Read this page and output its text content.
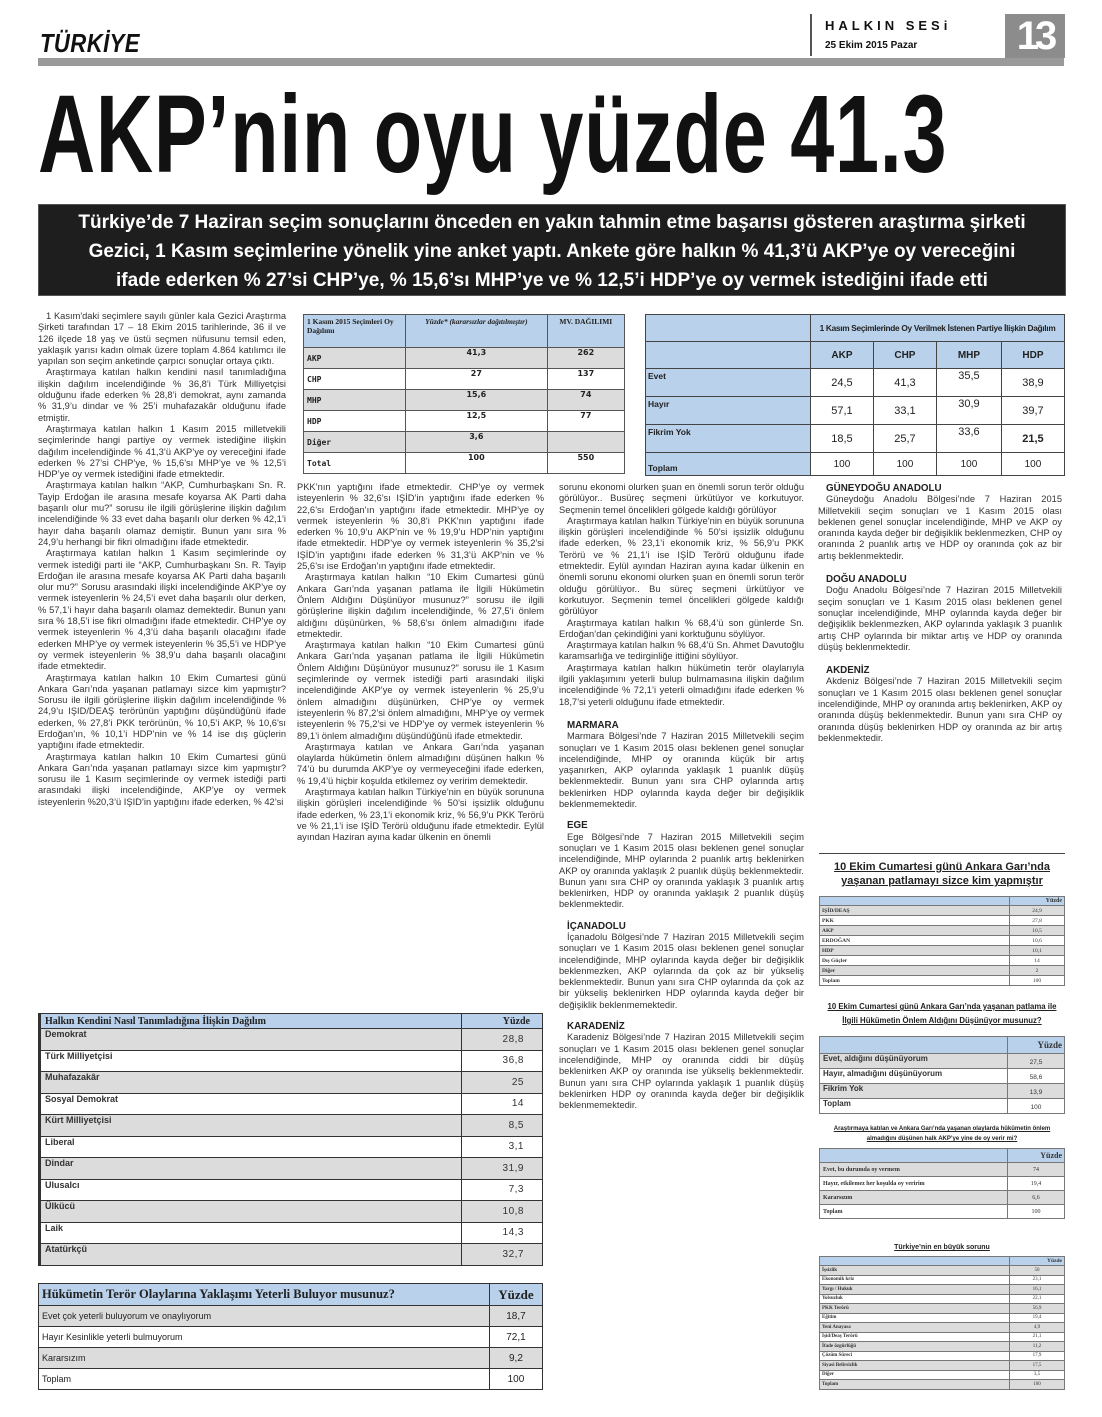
TÜRKİYE
HALKIN SESi
25 Ekim 2015 Pazar 13
AKP’nin oyu yüzde 41.3
Türkiye’de 7 Haziran seçim sonuçlarını önceden en yakın tahmin etme başarısı gösteren araştırma şirketi
Gezici, 1 Kasım seçimlerine yönelik yine anket yaptı. Ankete göre halkın % 41,3’ü AKP’ye oy vereceğini
ifade ederken % 27’si CHP’ye, % 15,6’sı MHP’ye ve % 12,5’i HDP’ye oy vermek istediğini ifade etti

1 Kasım'daki seçimlere sayılı günler kala Gezici Araştırma Şirketi tarafından 17 – 18 Ekim 2015 tarihlerinde, 36 il ve 126 ilçede 18 yaş ve üstü seçmen nüfusunu temsil eden, yaklaşık yarısı kadın olmak üzere toplam 4.864 katılımcı ile yapılan son seçim anketinde çarpıcı sonuçlar ortaya çıktı.

Araştırmaya katılan halkın kendini nasıl tanımladığına ilişkin dağılım incelendiğinde % 36,8’i Türk Milliyetçisi olduğunu ifade ederken % 28,8’i demokrat, aynı zamanda % 31,9’u dindar ve % 25’i muhafazakâr olduğunu ifade etmiştir.

Araştırmaya katılan halkın 1 Kasım 2015 milletvekili seçimlerinde hangi partiye oy vermek istediğine ilişkin dağılım incelendiğinde % 41,3’ü AKP’ye oy vereceğini ifade ederken % 27’si CHP’ye, % 15,6’sı MHP’ye ve % 12,5’i HDP’ye oy vermek istediğini ifade etmektedir.

Araştırmaya katılan halkın “AKP, Cumhurbaşkanı Sn. R. Tayip Erdoğan ile arasına mesafe koyarsa AK Parti daha başarılı olur mu?” sorusu ile ilgili görüşlerine ilişkin dağılım incelendiğinde % 33 evet daha başarılı olur derken % 42,1’i hayır daha başarılı olamaz demiştir. Bunun yanı sıra % 24,9’u herhangi bir fikri olmadığını ifade etmektedir.

Araştırmaya katılan halkın 1 Kasım seçimlerinde oy vermek istediği parti ile “AKP, Cumhurbaşkanı Sn. R. Tayip Erdoğan ile arasına mesafe koyarsa AK Parti daha başarılı olur mu?” Sorusu arasındaki ilişki incelendiğinde AKP’ye oy vermek isteyenlerin % 24,5’i evet daha başarılı olur derken, % 57,1’i hayır daha başarılı olamaz demektedir. Bunun yanı sıra % 18,5’i ise fikri olmadığını ifade etmektedir. CHP’ye oy vermek isteyenlerin % 4,3’ü daha başarılı olacağını ifade ederken MHP’ye oy vermek isteyenlerin % 35,5’i ve HDP’ye oy vermek isteyenlerin % 38,9’u daha başarılı olacağını ifade etmektedir.

Araştırmaya katılan halkın 10 Ekim Cumartesi günü Ankara Garı’nda yaşanan patlamayı sizce kim yapmıştır? Sorusu ile ilgili görüşlerine ilişkin dağılım incelendiğinde % 24,9’u IŞID/DEAŞ terörünün yaptığını düşündüğünü ifade ederken, % 27,8’i PKK terörünün, % 10,5’i AKP, % 10,6’sı Erdoğan’ın, % 10,1’i HDP’nin ve % 14 ise dış güçlerin yaptığını ifade etmektedir.

Araştırmaya katılan halkın 10 Ekim Cumartesi günü Ankara Garı’nda yaşanan patlamayı sizce kim yapmıştır? sorusu ile 1 Kasım seçimlerinde oy vermek istediği parti arasındaki ilişki incelendiğinde, AKP’ye oy vermek isteyenlerin %20,3’ü IŞID’in yaptığını ifade ederken, % 42’si

PKK’nın yaptığını ifade etmektedir. CHP’ye oy vermek isteyenlerin % 32,6’sı IŞİD’in yaptığını ifade ederken % 22,6’sı Erdoğan’ın yaptığını ifade etmektedir. MHP’ye oy vermek isteyenlerin % 30,8’i PKK’nın yaptığını ifade ederken % 10,9’u AKP’nin ve % 19,9’u HDP’nin yaptığını ifade etmektedir. HDP’ye oy vermek isteyenlerin % 35,2’si IŞİD’in yaptığını ifade ederken % 31,3’ü AKP’nin ve % 25,6’sı ise Erdoğan’ın yaptığını ifade etmektedir.

Araştırmaya katılan halkın “10 Ekim Cumartesi günü Ankara Garı’nda yaşanan patlama ile İlgili Hükümetin Önlem Aldığını Düşünüyor musunuz?” sorusu ile ilgili görüşlerine ilişkin dağılım incelendiğinde, % 27,5’i önlem aldığını düşünürken, % 58,6’sı önlem almadığını ifade etmektedir.

Araştırmaya katılan halkın “10 Ekim Cumartesi günü Ankara Garı’nda yaşanan patlama ile İlgili Hükümetin Önlem Aldığını Düşünüyor musunuz?” sorusu ile 1 Kasım seçimlerinde oy vermek istediği parti arasındaki ilişki incelendiğinde AKP’ye oy vermek isteyenlerin % 25,9’u önlem almadığını düşünürken, CHP’ye oy vermek isteyenlerin % 87,2’si önlem almadığını, MHP’ye oy vermek isteyenlerin % 75,2’si ve HDP’ye oy vermek isteyenlerin % 89,1’i önlem almadığını düşündüğünü ifade etmektedir.

Araştırmaya katılan ve Ankara Garı’nda yaşanan olaylarda hükümetin önlem almadığını düşünen halkın % 74’ü bu durumda AKP’ye oy vermeyeceğini ifade ederken, % 19,4’ü hiçbir koşulda etkilemez oy veririm demektedir.

Araştırmaya katılan halkın Türkiye’nin en büyük sorununa ilişkin görüşleri incelendiğinde % 50’si işsizlik olduğunu ifade ederken, % 23,1’i ekonomik kriz, % 56,9’u PKK Terörü ve % 21,1’i ise IŞİD Terörü olduğunu ifade etmektedir. Eylül ayından Haziran ayına kadar ülkenin en önemli

sorunu ekonomi olurken şuan en önemli sorun terör olduğu görülüyor.. Busüreç seçmeni ürkütüyor ve korkutuyor. Seçmenin temel öncelikleri gölgede kaldığı görülüyor

Araştırmaya katılan halkın Türkiye’nin en büyük sorununa ilişkin görüşleri incelendiğinde % 50’si işsizlik olduğunu ifade ederken, % 23,1’i ekonomik kriz, % 56,9’u PKK Terörü ve % 21,1’i ise IŞİD Terörü olduğunu ifade etmektedir. Eylül ayından Haziran ayına kadar ülkenin en önemli sorunu ekonomi olurken şuan en önemli sorun terör olduğu görülüyor.. Bu süreç seçmeni ürkütüyor ve korkutuyor. Seçmenin temel öncelikleri gölgede kaldığı görülüyor

Araştırmaya katılan halkın % 68,4’ü son günlerde Sn. Erdoğan’dan çekindiğini yani korktuğunu söylüyor.

Araştırmaya katılan halkın % 68,4’ü Sn. Ahmet Davutoğlu karamsarlığa ve tedirginliğe ittiğini söylüyor.

Araştırmaya katılan halkın hükümetin terör olaylarıyla ilgili yaklaşımını yeterli bulup bulmamasına ilişkin dağılım incelendiğinde % 72,1’i yeterli olmadığını ifade ederken % 18,7’si yeterli olduğunu ifade etmektedir.

MARMARA

Marmara Bölgesi’nde 7 Haziran 2015 Milletvekili seçim sonuçları ve 1 Kasım 2015 olası beklenen genel sonuçlar incelendiğinde, MHP oy oranında küçük bir artış yaşanırken, AKP oylarında yaklaşık 1 puanlık düşüş beklenmektedir. Bunun yanı sıra CHP oylarında artış beklenirken HDP oylarında kayda değer bir değişiklik beklenmemektedir.

EGE

Ege Bölgesi’nde 7 Haziran 2015 Milletvekili seçim sonuçları ve 1 Kasım 2015 olası beklenen genel sonuçlar incelendiğinde, MHP oylarında 2 puanlık artış beklenirken AKP oy oranında yaklaşık 2 puanlık düşüş beklenmektedir. Bunun yanı sıra CHP oy oranında yaklaşık 3 puanlık artış beklenirken, HDP oy oranında yaklaşık 2 puanlık düşüş beklenmektedir.

İÇANADOLU

İçanadolu Bölgesi’nde 7 Haziran 2015 Milletvekili seçim sonuçları ve 1 Kasım 2015 olası beklenen genel sonuçlar incelendiğinde, MHP oylarında kayda değer bir değişiklik beklenmezken, AKP oylarında da çok az bir yükseliş beklenmektedir. Bunun yanı sıra CHP oylarında da çok az bir yükseliş beklenirken HDP oylarında kayda değer bir değişiklik beklenmemektedir.

KARADENİZ

Karadeniz Bölgesi’nde 7 Haziran 2015 Milletvekili seçim sonuçları ve 1 Kasım 2015 olası beklenen genel sonuçlar incelendiğinde, MHP oy oranında ciddi bir düşüş beklenirken AKP oy oranında ise yükseliş beklenmektedir. Bunun yanı sıra CHP oylarında yaklaşık 1 puanlık düşüş beklenirken HDP oy oranında kayda değer bir değişiklik beklenmemektedir.

GÜNEYDOĞU ANADOLU

Güneydoğu Anadolu Bölgesi’nde 7 Haziran 2015 Milletvekili seçim sonuçları ve 1 Kasım 2015 olası beklenen genel sonuçlar incelendiğinde, MHP ve AKP oy oranında kayda değer bir değişiklik beklenmezken, CHP oy oranında 2 puanlık artış ve HDP oy oranında çok az bir artış beklenmektedir.

DOĞU ANADOLU

Doğu Anadolu Bölgesi’nde 7 Haziran 2015 Milletvekili seçim sonuçları ve 1 Kasım 2015 olası beklenen genel sonuçlar incelendiğinde, MHP oylarında kayda değer bir değişiklik beklenmezken, AKP oylarında yaklaşık 3 puanlık artış CHP oylarında bir miktar artış ve HDP oy oranında düşüş beklenmektedir.

AKDENİZ

Akdeniz Bölgesi’nde 7 Haziran 2015 Milletvekili seçim sonuçları ve 1 Kasım 2015 olası beklenen genel sonuçlar incelendiğinde, MHP oy oranında artış beklenirken, AKP oy oranında düşüş beklenmektedir. Bunun yanı sıra CHP oy oranında düşüş beklenirken HDP oy oranında az bir artış beklenmektedir.

1 Kasım 2015 Seçimleri Oy Dağılımı	Yüzde* (kararsızlar dağıtılmıştır)	MV. DAĞILIMI
AKP	41,3	262
CHP	27	137
MHP	15,6	74
HDP	12,5	77
Diğer	3,6	
Total	100	550
	1 Kasım Seçimlerinde Oy Verilmek İstenen Partiye İlişkin Dağılım			
	AKP	CHP	MHP	HDP
Evet	24,5	41,3	35,5	38,9
Hayır	57,1	33,1	30,9	39,7
Fikrim Yok	18,5	25,7	33,6	21,5
Toplam	100	100	100	100
Halkın Kendini Nasıl Tanımladığına İlişkin Dağılım	Yüzde
Demokrat	28,8
Türk Milliyetçisi	36,8
Muhafazakâr	25
Sosyal Demokrat	14
Kürt Milliyetçisi	8,5
Liberal	3,1
Dindar	31,9
Ulusalcı	7,3
Ülkücü	10,8
Laik	14,3
Atatürkçü	32,7
Hükümetin Terör Olaylarına Yaklaşımı Yeterli Buluyor musunuz?	Yüzde
Evet çok yeterli buluyorum ve onaylıyorum	18,7
Hayır Kesinlikle yeterli bulmuyorum	72,1
Kararsızım	9,2
Toplam	100
10 Ekim Cumartesi günü Ankara Garı’nda yaşanan patlamayı sizce kim yapmıştır
	Yüzde
IŞİD/DEAŞ	24,9
PKK	27,8
AKP	10,5
ERDOĞAN	10,6
HDP	10,1
Dış Güçler	14
Diğer	2
Toplam	100
10 Ekim Cumartesi günü Ankara Garı’nda yaşanan patlama ile İlgili Hükümetin Önlem Aldığını Düşünüyor musunuz?
	Yüzde
Evet, aldığını düşünüyorum	27,5
Hayır, almadığını düşünüyorum	58,6
Fikrim Yok	13,9
Toplam	100
Araştırmaya katılan ve Ankara Garı’nda yaşanan olaylarda hükümetin önlem almadığını düşünen halk AKP’ye yine de oy verir mi?
	Yüzde
Evet, bu durumda oy vermem	74
Hayır, etkilemez her koşulda oy veririm	19,4
Kararsızım	6,6
Toplam	100
Türkiye’nin en büyük sorunu
	Yüzde
İşsizlik	50
Ekonomik kriz	23,1
Yargı / Hukuk	16,1
Yolsuzluk	22,1
PKK Terörü	56,9
Eğitim	19,4
Yeni Anayasa	4,9
Işid/Deaş Terörü	21,1
İfade özgürlüğü	11,2
Çözüm Süreci	17,9
Siyasi Belirsizlik	17,5
Diğer	3,5
Toplam	100
